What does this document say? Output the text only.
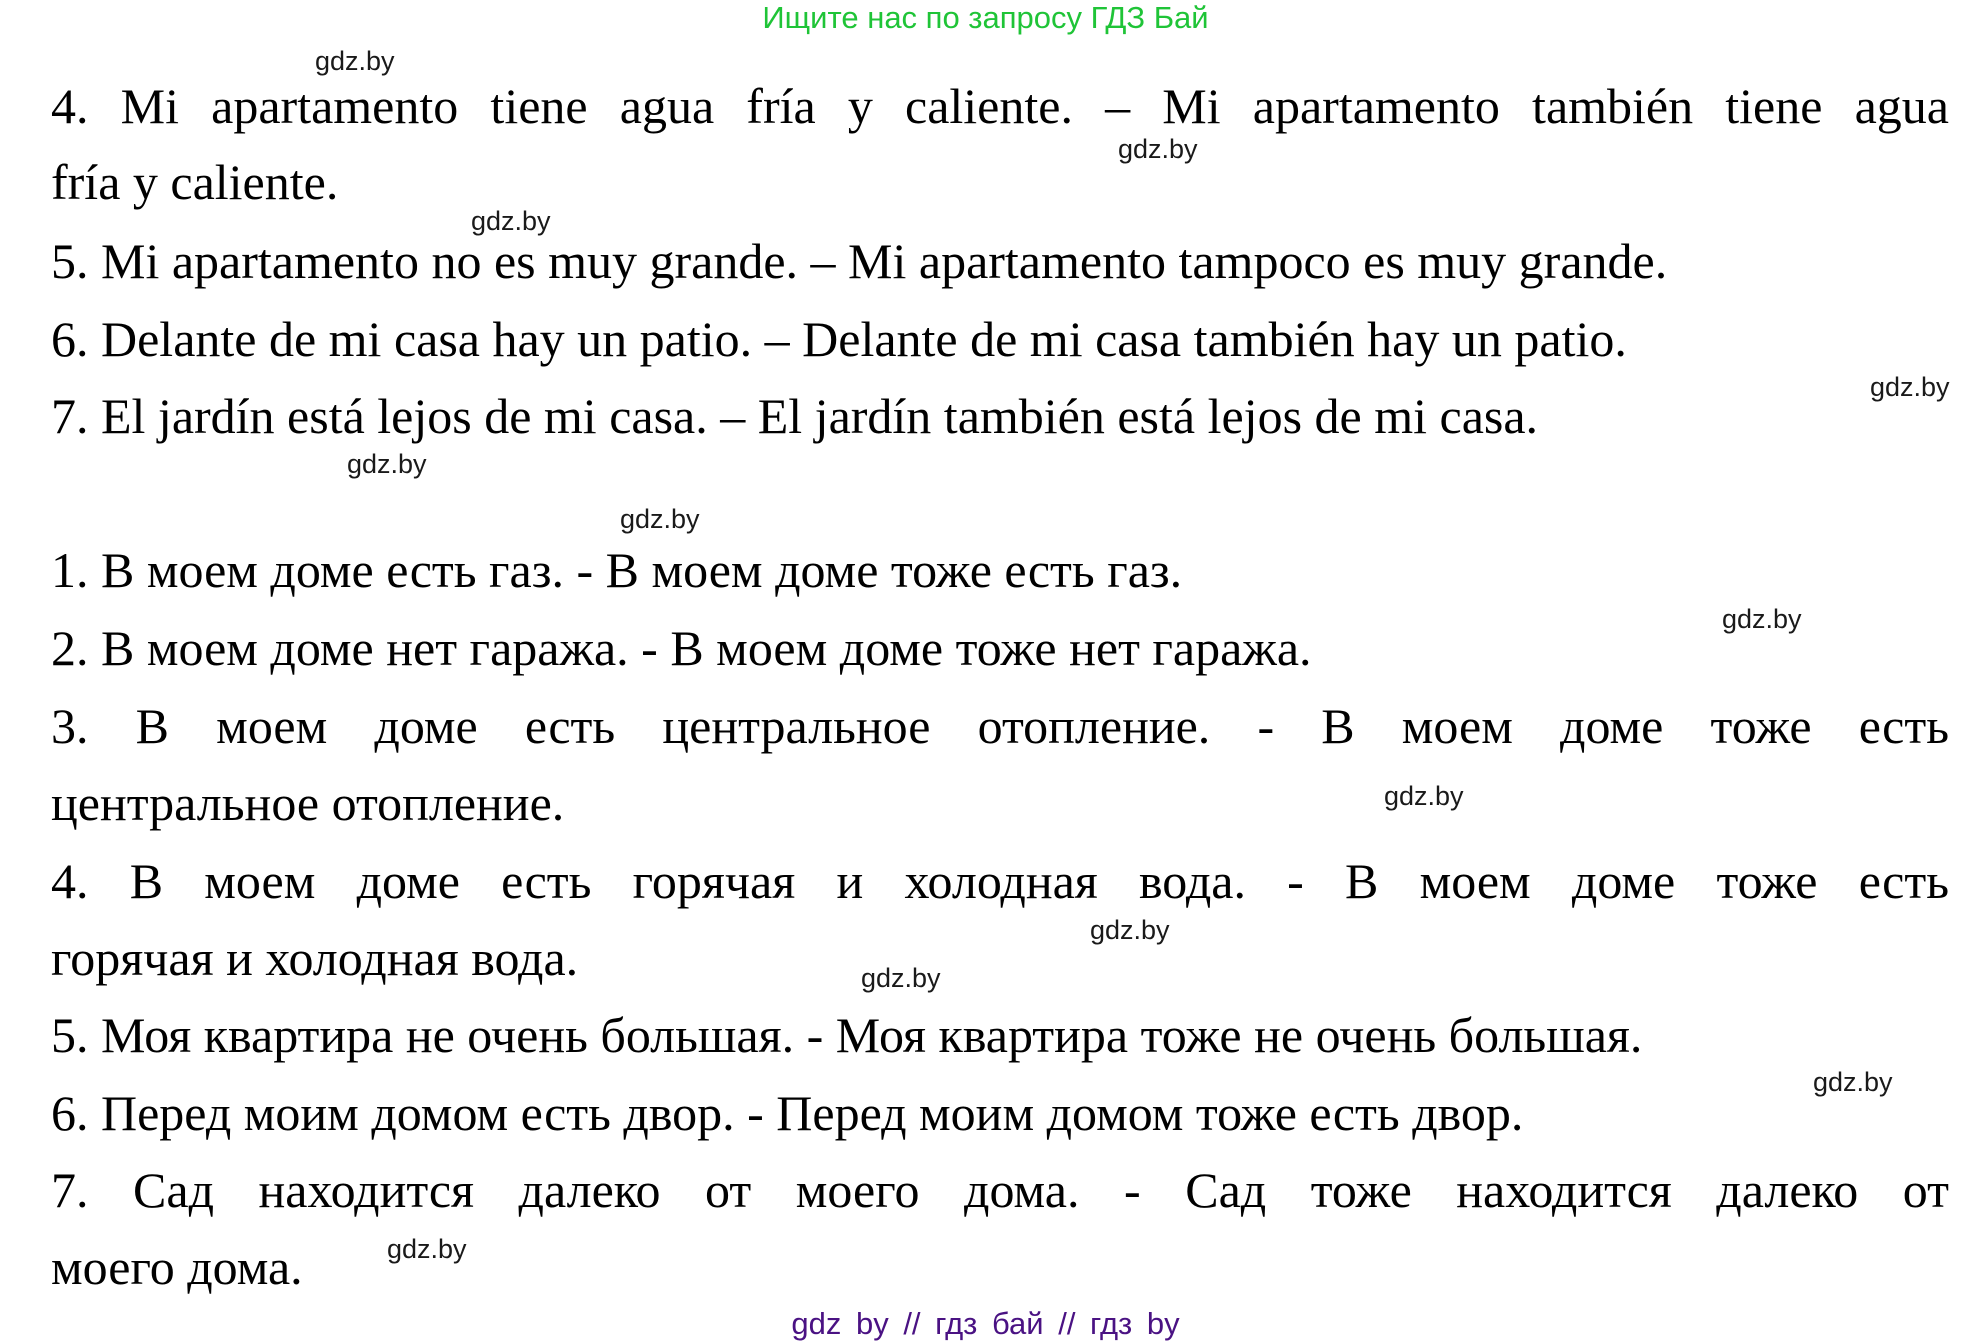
Ищите нас по запросу ГДЗ Бай
4. Mi apartamento tiene agua fría y caliente. – Mi apartamento también tiene agua
fría y caliente.
5. Mi apartamento no es muy grande. – Mi apartamento tampoco es muy grande.
6. Delante de mi casa hay un patio. – Delante de mi casa también hay un patio.
7. El jardín está lejos de mi casa. – El jardín también está lejos de mi casa.
1. В моем доме есть газ. - В моем доме тоже есть газ.
2. В моем доме нет гаража. - В моем доме тоже нет гаража.
3. В моем доме есть центральное отопление. - В моем доме тоже есть
центральное отопление.
4. В моем доме есть горячая и холодная вода. - В моем доме тоже есть
горячая и холодная вода.
5. Моя квартира не очень большая. - Моя квартира тоже не очень большая.
6. Перед моим домом есть двор. - Перед моим домом тоже есть двор.
7. Сад находится далеко от моего дома. - Сад тоже находится далеко от
моего дома.
gdz.by
gdz.by
gdz.by
gdz.by
gdz.by
gdz.by
gdz.by
gdz.by
gdz.by
gdz.by
gdz.by
gdz.by
gdz by // гдз бай // гдз by
